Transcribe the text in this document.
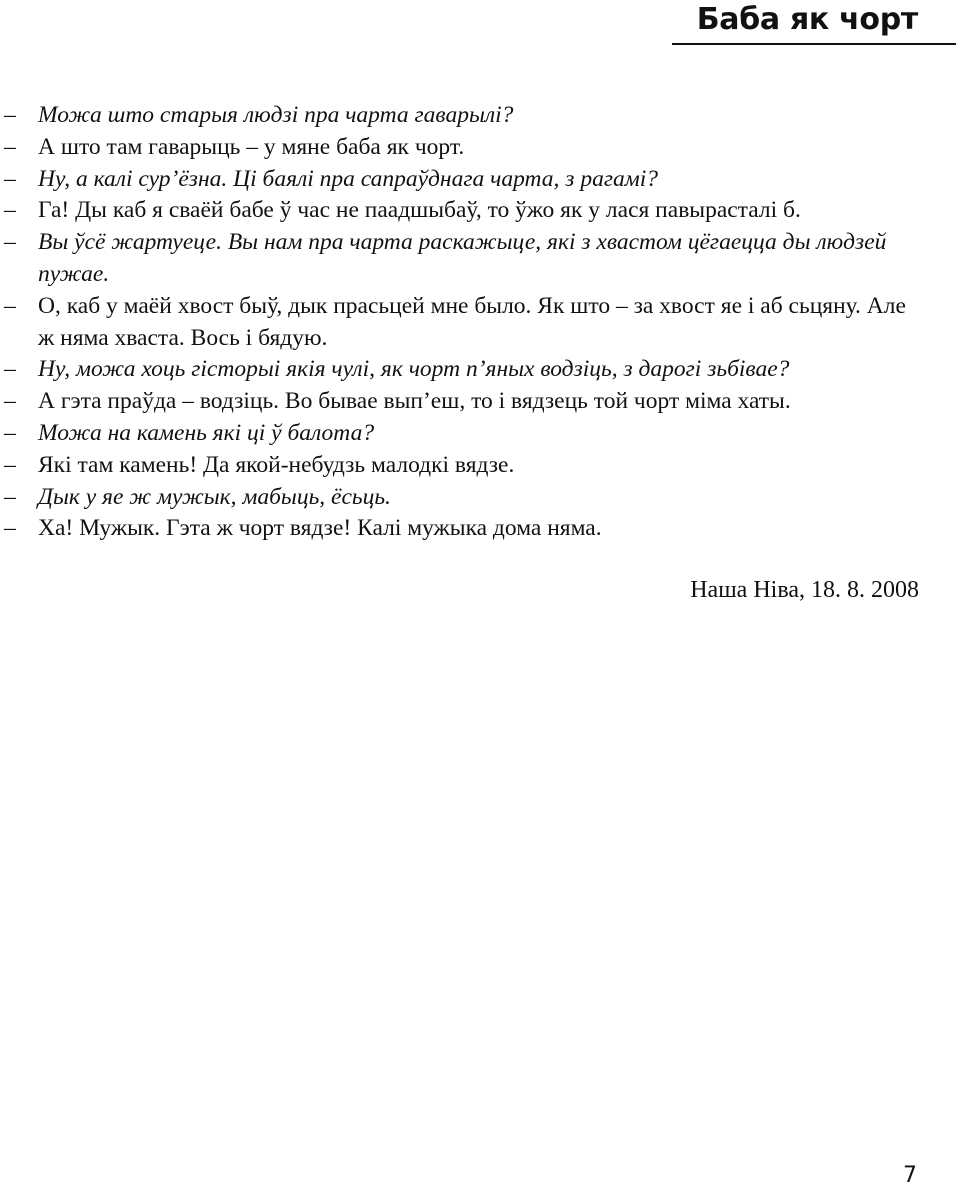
Баба як чорт
– Можа што старыя людзі пра чарта гаварылі?
– А што там гаварыць – у мяне баба як чорт.
– Ну, а калі сур’ёзна. Ці баялі пра сапраўднага чарта, з рагамі?
– Га! Ды каб я сваёй бабе ў час не паадшыбаў, то ўжо як у лася павырасталі б.
– Вы ўсё жартуеце. Вы нам пра чарта раскажыце, які з хвастом цёгаецца ды людзей пужае.
– О, каб у маёй хвост быў, дык прасьцей мне было. Як што – за хвост яе і аб сьцяну. Але ж няма хваста. Вось і бядую.
– Ну, можа хоць гісторыі якія чулі, як чорт п’яных водзіць, з дарогі зьбівае?
– А гэта праўда – водзіць. Во бывае вып’еш, то і вядзець той чорт міма хаты.
– Можа на камень які ці ў балота?
– Які там камень! Да якой-небудзь малодкі вядзе.
– Дык у яе ж мужык, мабыць, ёсьць.
– Ха! Мужык. Гэта ж чорт вядзе! Калі мужыка дома няма.
Наша Ніва, 18. 8. 2008
7
